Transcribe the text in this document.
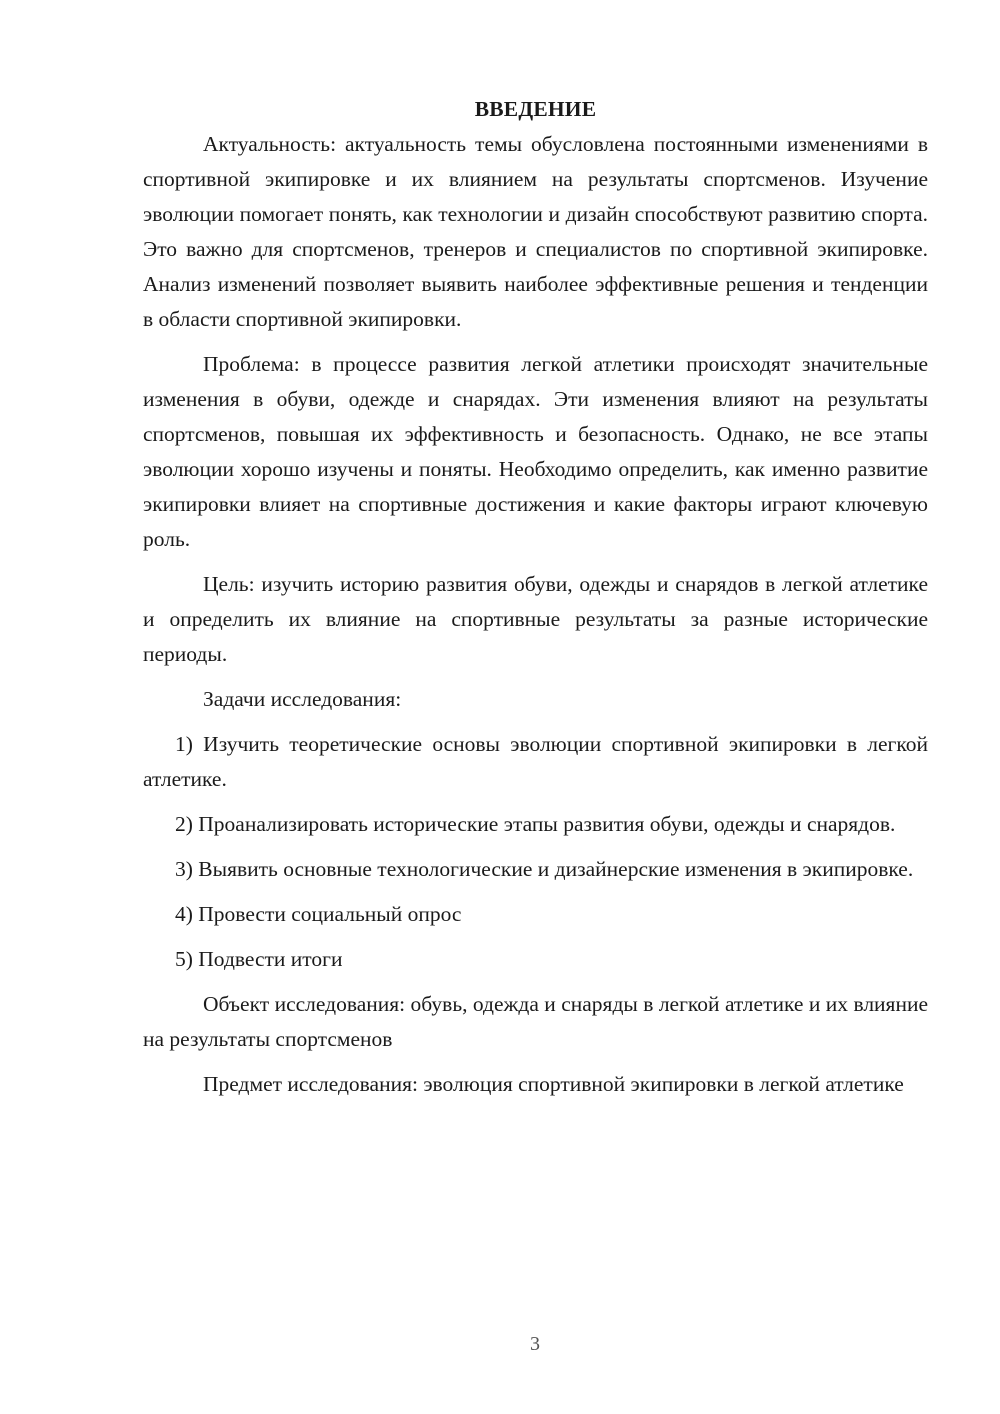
ВВЕДЕНИЕ

Актуальность: актуальность темы обусловлена постоянными изменениями в спортивной экипировке и их влиянием на результаты спортсменов. Изучение эволюции помогает понять, как технологии и дизайн способствуют развитию спорта. Это важно для спортсменов, тренеров и специалистов по спортивной экипировке. Анализ изменений позволяет выявить наиболее эффективные решения и тенденции в области спортивной экипировки.

Проблема: в процессе развития легкой атлетики происходят значительные изменения в обуви, одежде и снарядах. Эти изменения влияют на результаты спортсменов, повышая их эффективность и безопасность. Однако, не все этапы эволюции хорошо изучены и поняты. Необходимо определить, как именно развитие экипировки влияет на спортивные достижения и какие факторы играют ключевую роль.

Цель: изучить историю развития обуви, одежды и снарядов в легкой атлетике и определить их влияние на спортивные результаты за разные исторические периоды.

Задачи исследования:

1) Изучить теоретические основы эволюции спортивной экипировки в легкой атлетике.

2) Проанализировать исторические этапы развития обуви, одежды и снарядов.

3) Выявить основные технологические и дизайнерские изменения в экипировке.

4) Провести социальный опрос

5) Подвести итоги

Объект исследования: обувь, одежда и снаряды в легкой атлетике и их влияние на результаты спортсменов

Предмет исследования: эволюция спортивной экипировки в легкой атлетике

3
